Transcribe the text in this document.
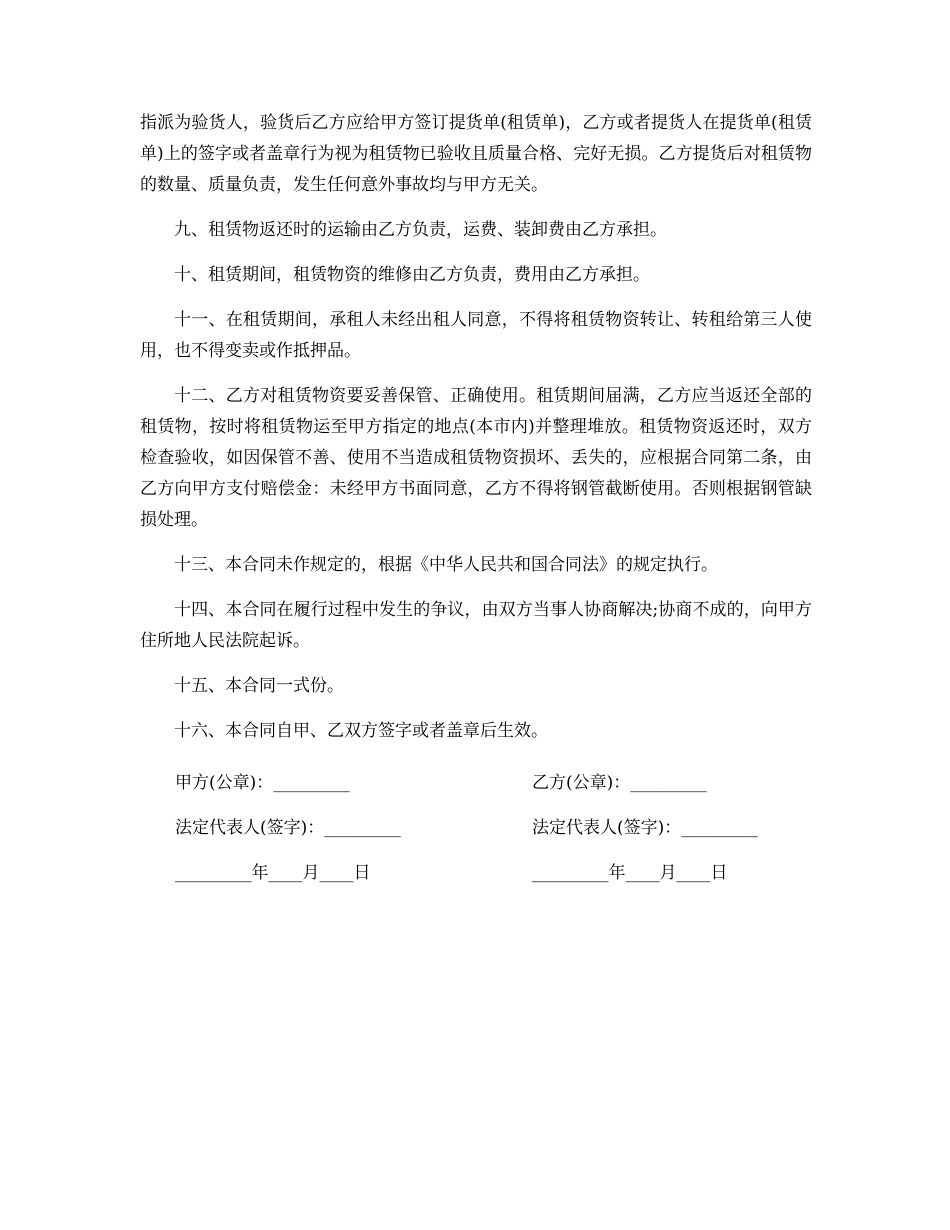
指派为验货人，验货后乙方应给甲方签订提货单(租赁单)，乙方或者提货人在提货单(租赁单)上的签字或者盖章行为视为租赁物已验收且质量合格、完好无损。乙方提货后对租赁物的数量、质量负责，发生任何意外事故均与甲方无关。

九、租赁物返还时的运输由乙方负责，运费、装卸费由乙方承担。

十、租赁期间，租赁物资的维修由乙方负责，费用由乙方承担。

十一、在租赁期间，承租人未经出租人同意，不得将租赁物资转让、转租给第三人使用，也不得变卖或作抵押品。

十二、乙方对租赁物资要妥善保管、正确使用。租赁期间届满，乙方应当返还全部的租赁物，按时将租赁物运至甲方指定的地点(本市内)并整理堆放。租赁物资返还时，双方检查验收，如因保管不善、使用不当造成租赁物资损坏、丢失的，应根据合同第二条，由乙方向甲方支付赔偿金：未经甲方书面同意，乙方不得将钢管截断使用。否则根据钢管缺损处理。

十三、本合同未作规定的，根据《中华人民共和国合同法》的规定执行。

十四、本合同在履行过程中发生的争议，由双方当事人协商解决;协商不成的，向甲方住所地人民法院起诉。

十五、本合同一式份。

十六、本合同自甲、乙双方签字或者盖章后生效。

甲方(公章)：_________	乙方(公章)：_________
法定代表人(签字)：_________	法定代表人(签字)：_________
_________年____月____日	_________年____月____日
